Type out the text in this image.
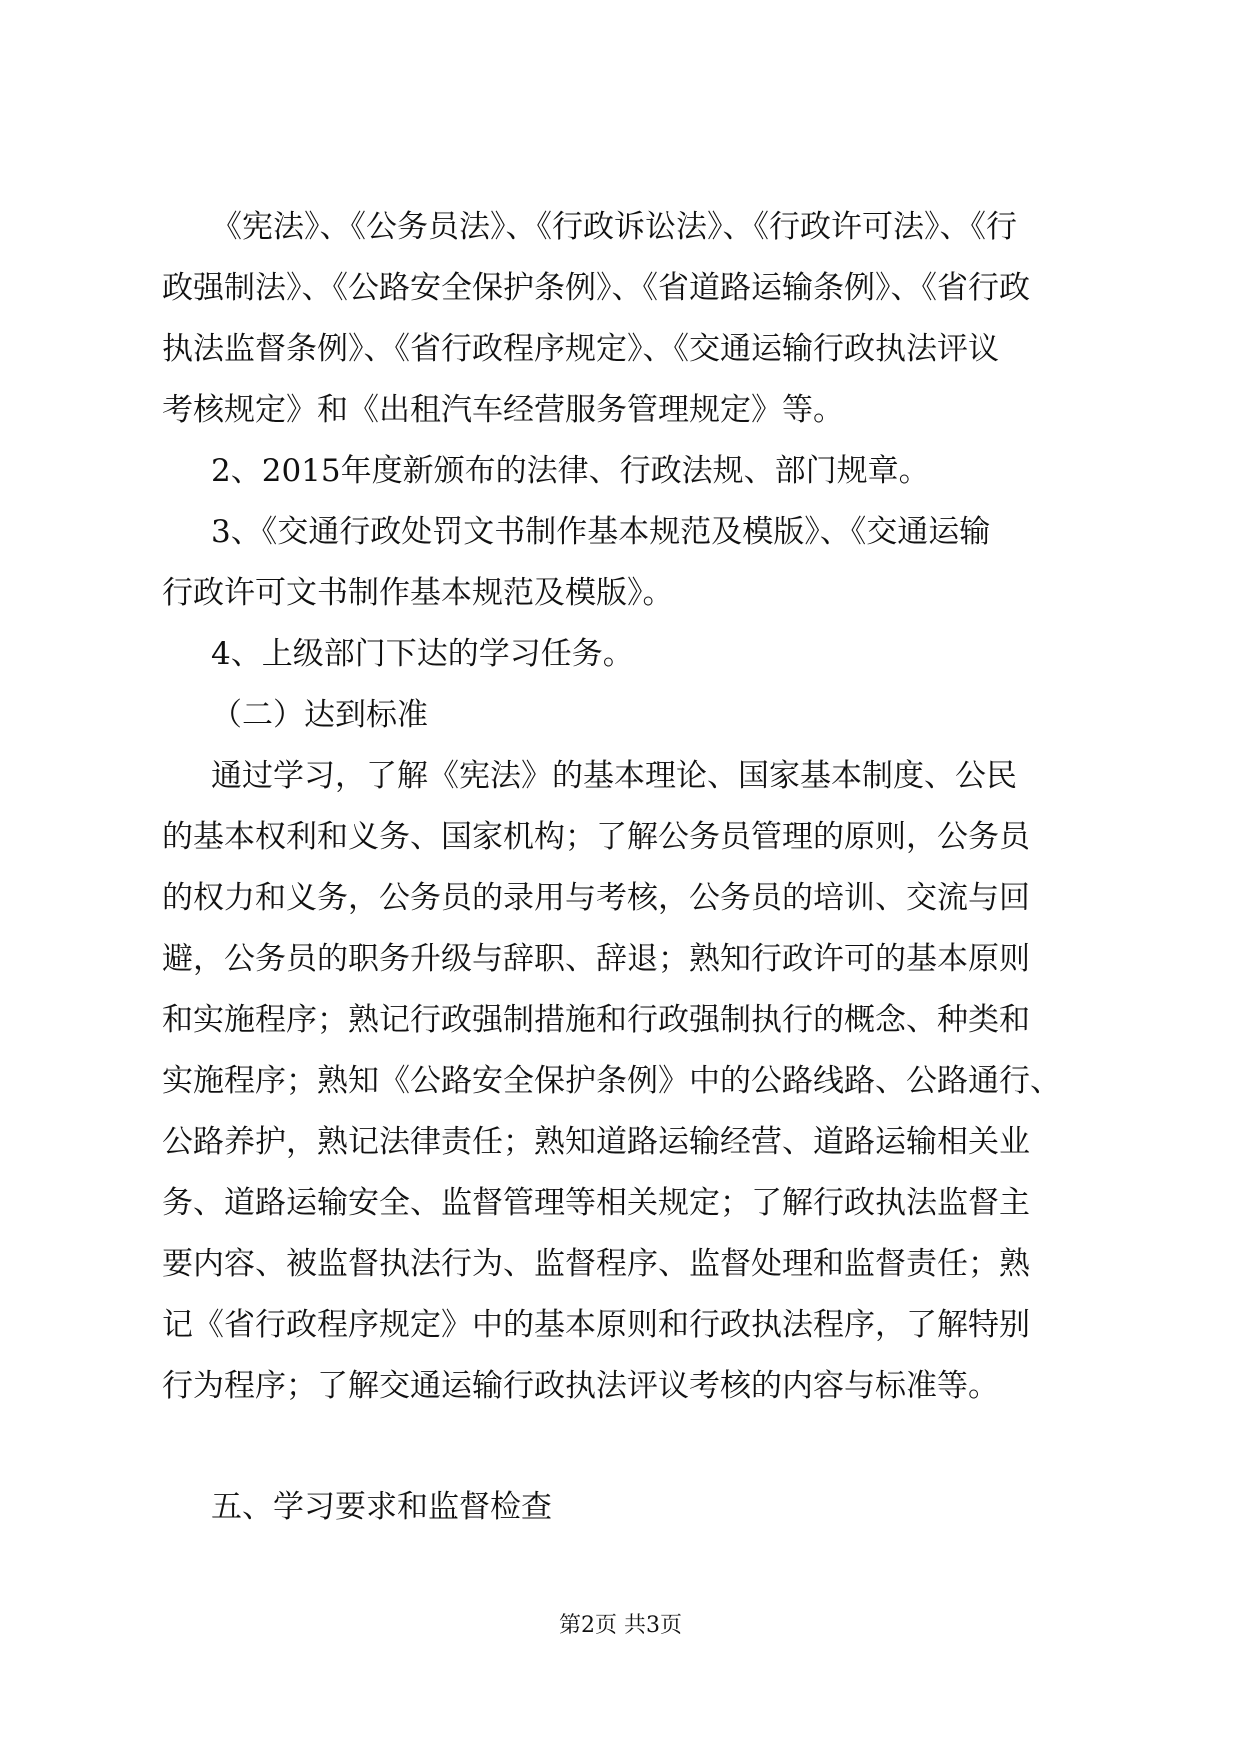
《宪法》、《公务员法》、《行政诉讼法》、《行政许可法》、《行
政强制法》、《公路安全保护条例》、《省道路运输条例》、《省行政
执法监督条例》、《省行政程序规定》、《交通运输行政执法评议
考核规定》和《出租汽车经营服务管理规定》等。
2、2015年度新颁布的法律、行政法规、部门规章。
3、《交通行政处罚文书制作基本规范及模版》、《交通运输
行政许可文书制作基本规范及模版》。
4、上级部门下达的学习任务。
（二）达到标准
通过学习，了解《宪法》的基本理论、国家基本制度、公民
的基本权利和义务、国家机构；了解公务员管理的原则，公务员
的权力和义务，公务员的录用与考核，公务员的培训、交流与回
避，公务员的职务升级与辞职、辞退；熟知行政许可的基本原则
和实施程序；熟记行政强制措施和行政强制执行的概念、种类和
实施程序；熟知《公路安全保护条例》中的公路线路、公路通行、
公路养护，熟记法律责任；熟知道路运输经营、道路运输相关业
务、道路运输安全、监督管理等相关规定；了解行政执法监督主
要内容、被监督执法行为、监督程序、监督处理和监督责任；熟
记《省行政程序规定》中的基本原则和行政执法程序，了解特别
行为程序；了解交通运输行政执法评议考核的内容与标准等。
五、学习要求和监督检查
第2页 共3页
